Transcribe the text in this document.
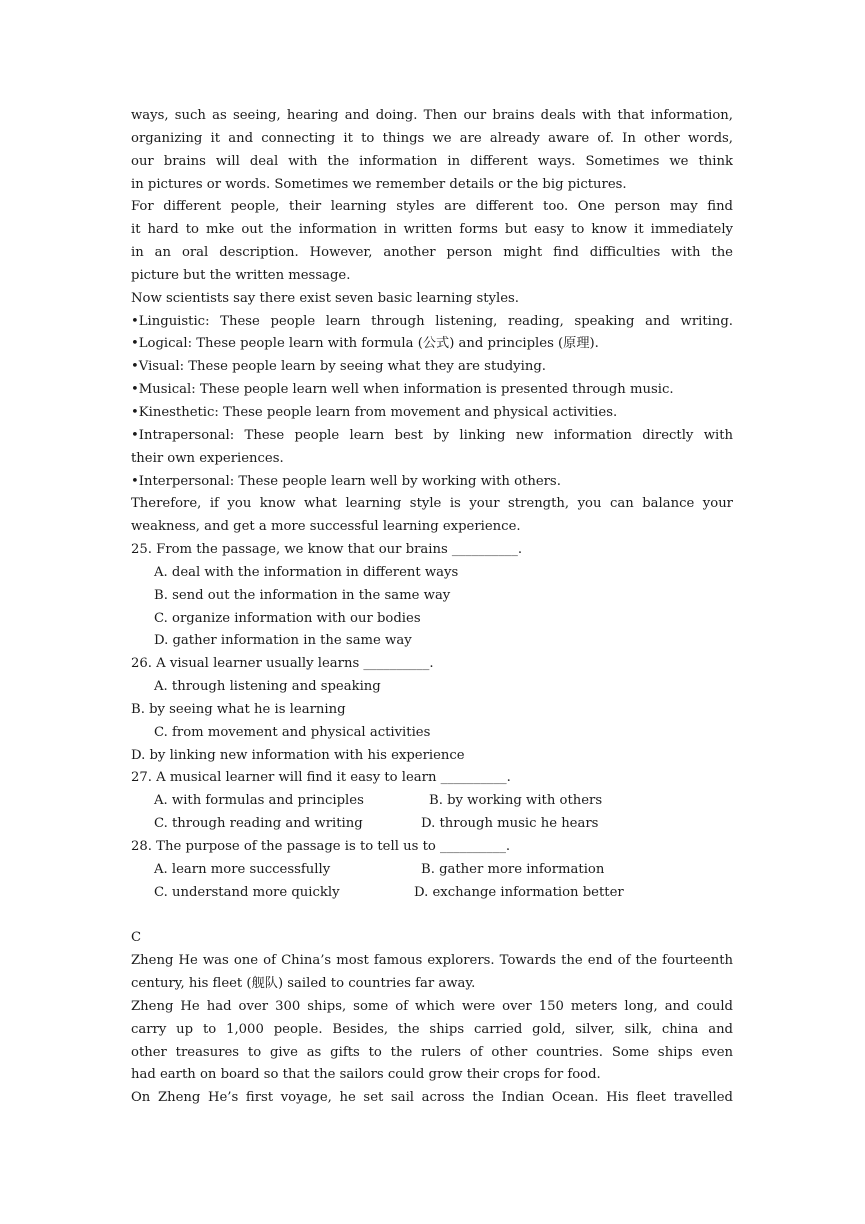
ways, such as seeing, hearing and doing. Then our brains deals with that information,
organizing it and connecting it to things we are already aware of. In other words,
our brains will deal with the information in different ways. Sometimes we think
in pictures or words. Sometimes we remember details or the big pictures.
For different people, their learning styles are different too. One person may find
it hard to mke out the information in written forms but easy to know it immediately
in an oral description. However, another person might find difficulties with the
picture but the written message.
Now scientists say there exist seven basic learning styles.
•Linguistic: These people learn through listening, reading, speaking and writing.
•Logical: These people learn with formula (公式) and principles (原理).
•Visual: These people learn by seeing what they are studying.
•Musical: These people learn well when information is presented through music.
•Kinesthetic: These people learn from movement and physical activities.
•Intrapersonal: These people learn best by linking new information directly with
their own experiences.
•Interpersonal: These people learn well by working with others.
Therefore, if you know what learning style is your strength, you can balance your
weakness, and get a more successful learning experience.
25. From the passage, we know that our brains __________.
A. deal with the information in different ways
B. send out the information in the same way
C. organize information with our bodies
D. gather information in the same way
26. A visual learner usually learns __________.
A. through listening and speaking
B. by seeing what he is learning
C. from movement and physical activities
D. by linking new information with his experience
27. A musical learner will find it easy to learn __________.
A. with formulas and principles	B. by working with others
C. through reading and writing	D. through music he hears
28. The purpose of the passage is to tell us to __________.
A. learn more successfully	B. gather more information
C. understand more quickly	D. exchange information better
C
Zheng He was one of China’s most famous explorers. Towards the end of the fourteenth
century, his fleet (舰队) sailed to countries far away.
Zheng He had over 300 ships, some of which were over 150 meters long, and could
carry up to 1,000 people. Besides, the ships carried gold, silver, silk, china and
other treasures to give as gifts to the rulers of other countries. Some ships even
had earth on board so that the sailors could grow their crops for food.
On Zheng He’s first voyage, he set sail across the Indian Ocean. His fleet travelled
